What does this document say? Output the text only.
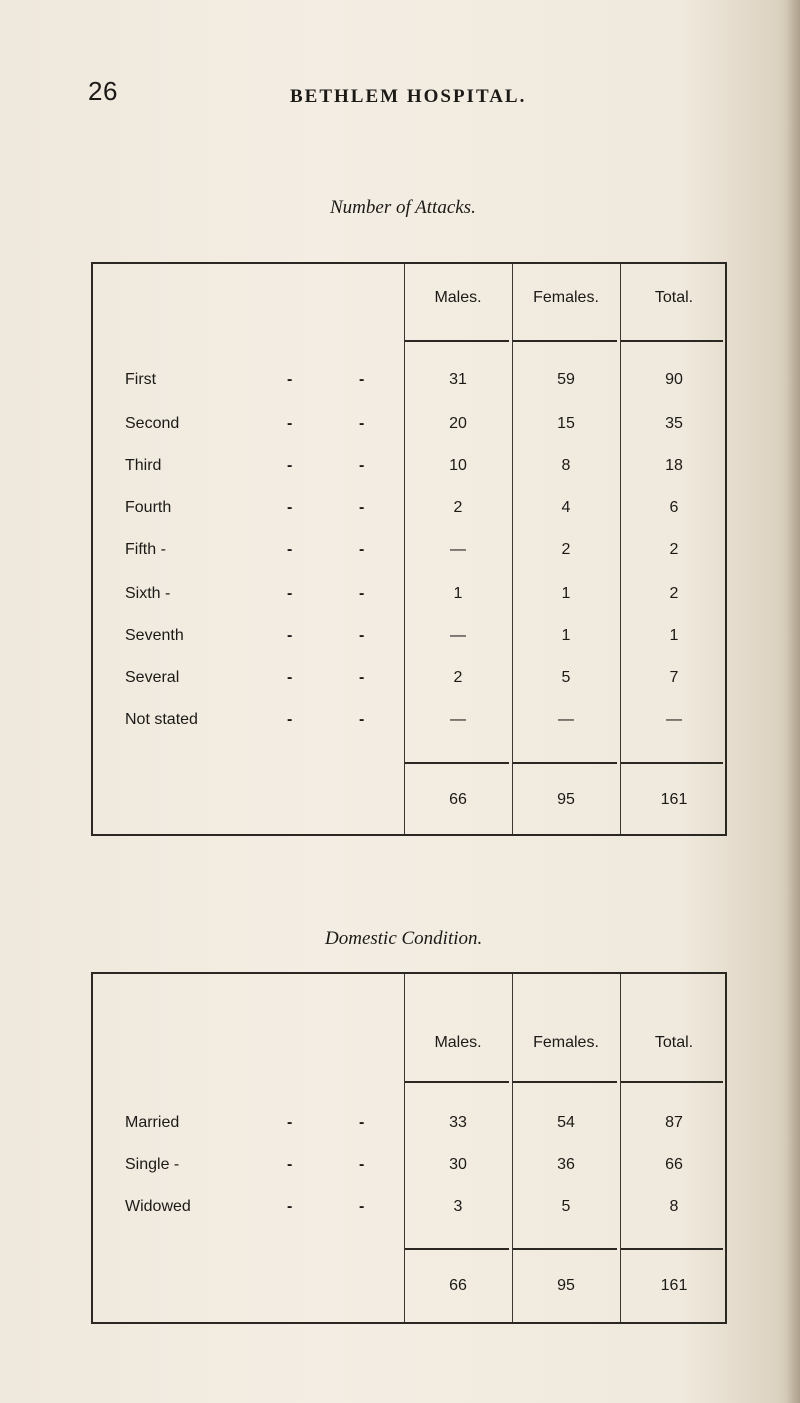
26	BETHLEM HOSPITAL.
Number of Attacks.
Males.	Females.	Total.
First	-	-	31	59	90
Second	-	-	20	15	35
Third	-	-	10	8	18
Fourth	-	-	2	4	6
Fifth -	-	-	—	2	2
Sixth -	-	-	1	1	2
Seventh	-	-	—	1	1
Several	-	-	2	5	7
Not stated	-	-	—	—	—
66	95	161
Domestic Condition.
Males.	Females.	Total.
Married	-	-	33	54	87
Single -	-	-	30	36	66
Widowed	-	-	3	5	8
66	95	161
